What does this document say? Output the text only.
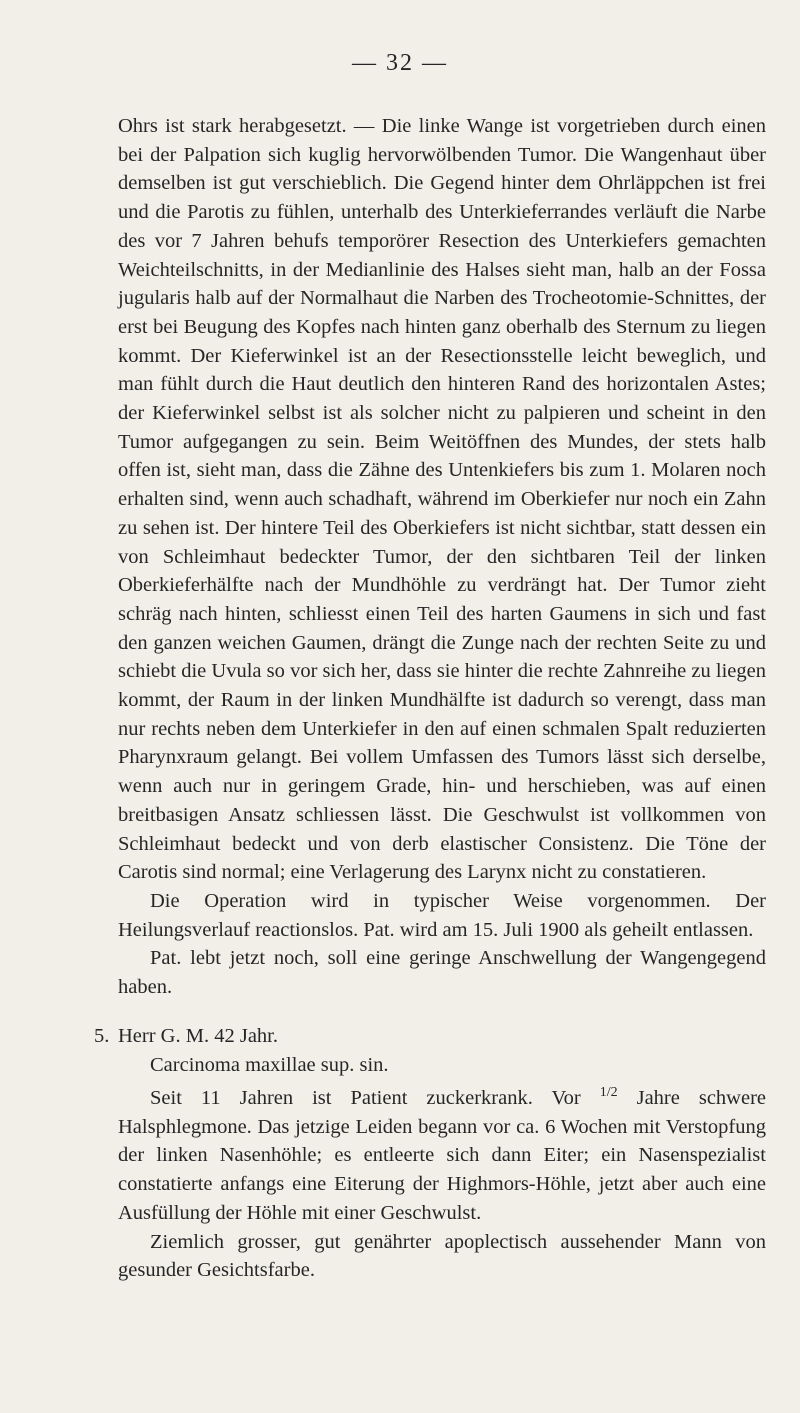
— 32 —

Ohrs ist stark herabgesetzt. — Die linke Wange ist vorgetrieben durch einen bei der Palpation sich kuglig hervorwölbenden Tumor. Die Wangenhaut über demselben ist gut verschieblich. Die Gegend hinter dem Ohrläppchen ist frei und die Parotis zu fühlen, unterhalb des Unterkieferrandes verläuft die Narbe des vor 7 Jahren behufs temporörer Resection des Unterkiefers gemachten Weichteilschnitts, in der Medianlinie des Halses sieht man, halb an der Fossa jugularis halb auf der Normalhaut die Narben des Trocheotomie-Schnittes, der erst bei Beugung des Kopfes nach hinten ganz oberhalb des Sternum zu liegen kommt. Der Kieferwinkel ist an der Resectionsstelle leicht beweglich, und man fühlt durch die Haut deutlich den hinteren Rand des horizontalen Astes; der Kieferwinkel selbst ist als solcher nicht zu palpieren und scheint in den Tumor aufgegangen zu sein. Beim Weitöffnen des Mundes, der stets halb offen ist, sieht man, dass die Zähne des Untenkiefers bis zum 1. Molaren noch erhalten sind, wenn auch schadhaft, während im Oberkiefer nur noch ein Zahn zu sehen ist. Der hintere Teil des Oberkiefers ist nicht sichtbar, statt dessen ein von Schleimhaut bedeckter Tumor, der den sichtbaren Teil der linken Oberkieferhälfte nach der Mundhöhle zu verdrängt hat. Der Tumor zieht schräg nach hinten, schliesst einen Teil des harten Gaumens in sich und fast den ganzen weichen Gaumen, drängt die Zunge nach der rechten Seite zu und schiebt die Uvula so vor sich her, dass sie hinter die rechte Zahnreihe zu liegen kommt, der Raum in der linken Mundhälfte ist dadurch so verengt, dass man nur rechts neben dem Unterkiefer in den auf einen schmalen Spalt reduzierten Pharynxraum gelangt. Bei vollem Umfassen des Tumors lässt sich derselbe, wenn auch nur in geringem Grade, hin- und herschieben, was auf einen breitbasigen Ansatz schliessen lässt. Die Geschwulst ist vollkommen von Schleimhaut bedeckt und von derb elastischer Consistenz. Die Töne der Carotis sind normal; eine Verlagerung des Larynx nicht zu constatieren.

Die Operation wird in typischer Weise vorgenommen. Der Heilungsverlauf reactionslos. Pat. wird am 15. Juli 1900 als geheilt entlassen.

Pat. lebt jetzt noch, soll eine geringe Anschwellung der Wangengegend haben.

5. Herr G. M. 42 Jahr.

Carcinoma maxillae sup. sin.

Seit 11 Jahren ist Patient zuckerkrank. Vor $^{1/2}$ Jahre schwere Halsphlegmone. Das jetzige Leiden begann vor ca. 6 Wochen mit Verstopfung der linken Nasenhöhle; es entleerte sich dann Eiter; ein Nasenspezialist constatierte anfangs eine Eiterung der Highmors-Höhle, jetzt aber auch eine Ausfüllung der Höhle mit einer Geschwulst.

Ziemlich grosser, gut genährter apoplectisch aussehender Mann von gesunder Gesichtsfarbe.
